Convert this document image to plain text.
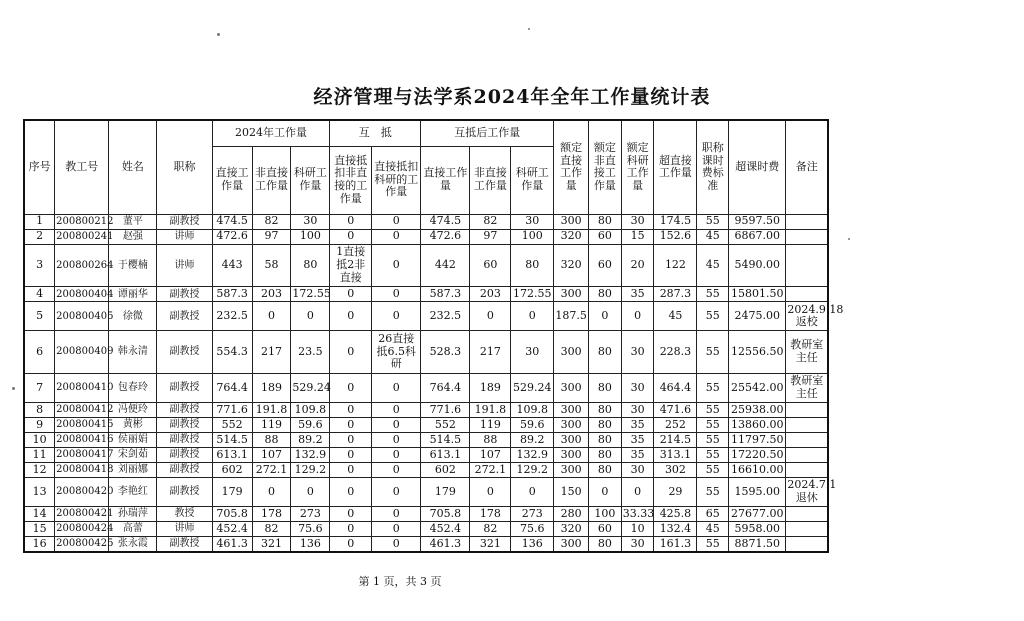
经济管理与法学系2024年全年工作量统计表
序号	教工号	姓名	职称	2024年工作量			互　抵		互抵后工作量			额定直接工作量	额定非直接工作量	额定科研工作量	超直接工作量	职称课时费标准	超课时费	备注
				直接工作量	非直接工作量	科研工作量	直接抵扣非直接的工作量	直接抵扣科研的工作量	直接工作量	非直接工作量	科研工作量							
1	200800212	董平	副教授	474.5	82	30	0	0	474.5	82	30	300	80	30	174.5	55	9597.50	
2	200800241	赵强	讲师	472.6	97	100	0	0	472.6	97	100	320	60	15	152.6	45	6867.00	
3	200800264	于樱楠	讲师	443	58	80	1直接抵2非直接	0	442	60	80	320	60	20	122	45	5490.00	
4	200800404	谭丽华	副教授	587.3	203	172.55	0	0	587.3	203	172.55	300	80	35	287.3	55	15801.50	
5	200800405	徐微	副教授	232.5	0	0	0	0	232.5	0	0	187.5	0	0	45	55	2475.00	2024.9.18返校
6	200800409	韩永清	副教授	554.3	217	23.5	0	26直接抵6.5科研	528.3	217	30	300	80	30	228.3	55	12556.50	教研室主任
7	200800410	包春玲	副教授	764.4	189	529.24	0	0	764.4	189	529.24	300	80	30	464.4	55	25542.00	教研室主任
8	200800412	冯便玲	副教授	771.6	191.8	109.8	0	0	771.6	191.8	109.8	300	80	30	471.6	55	25938.00	
9	200800415	黄彬	副教授	552	119	59.6	0	0	552	119	59.6	300	80	35	252	55	13860.00	
10	200800416	侯丽娟	副教授	514.5	88	89.2	0	0	514.5	88	89.2	300	80	35	214.5	55	11797.50	
11	200800417	宋剑茹	副教授	613.1	107	132.9	0	0	613.1	107	132.9	300	80	35	313.1	55	17220.50	
12	200800418	刘丽娜	副教授	602	272.1	129.2	0	0	602	272.1	129.2	300	80	30	302	55	16610.00	
13	200800420	李艳红	副教授	179	0	0	0	0	179	0	0	150	0	0	29	55	1595.00	2024.7.1退休
14	200800421	孙瑞萍	教授	705.8	178	273	0	0	705.8	178	273	280	100	33.33	425.8	65	27677.00	
15	200800424	高蕾	讲师	452.4	82	75.6	0	0	452.4	82	75.6	320	60	10	132.4	45	5958.00	
16	200800425	张永霞	副教授	461.3	321	136	0	0	461.3	321	136	300	80	30	161.3	55	8871.50	
第 1 页，共 3 页
